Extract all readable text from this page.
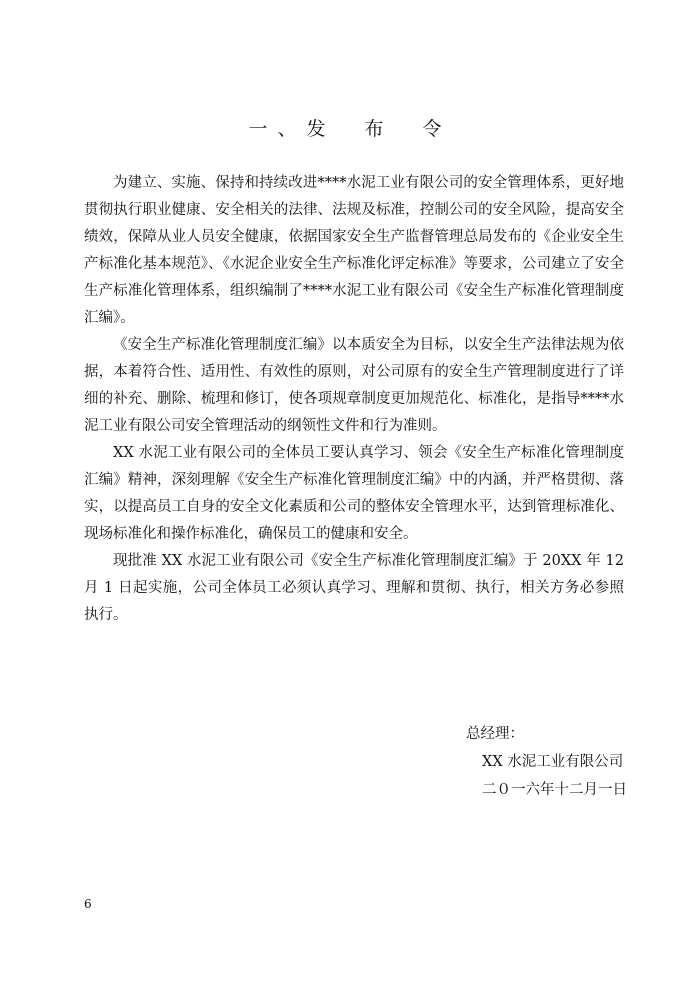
一、发　布　令

为建立、实施、保持和持续改进****水泥工业有限公司的安全管理体系，更好地贯彻执行职业健康、安全相关的法律、法规及标准，控制公司的安全风险，提高安全绩效，保障从业人员安全健康，依据国家安全生产监督管理总局发布的《企业安全生产标准化基本规范》、《水泥企业安全生产标准化评定标准》等要求，公司建立了安全生产标准化管理体系，组织编制了****水泥工业有限公司《安全生产标准化管理制度汇编》。

《安全生产标准化管理制度汇编》以本质安全为目标，以安全生产法律法规为依据，本着符合性、适用性、有效性的原则，对公司原有的安全生产管理制度进行了详细的补充、删除、梳理和修订，使各项规章制度更加规范化、标准化，是指导****水泥工业有限公司安全管理活动的纲领性文件和行为准则。

XX 水泥工业有限公司的全体员工要认真学习、领会《安全生产标准化管理制度汇编》精神，深刻理解《安全生产标准化管理制度汇编》中的内涵，并严格贯彻、落实，以提高员工自身的安全文化素质和公司的整体安全管理水平，达到管理标准化、现场标准化和操作标准化，确保员工的健康和安全。

现批准 XX 水泥工业有限公司《安全生产标准化管理制度汇编》于 20XX 年 12 月 1 日起实施，公司全体员工必须认真学习、理解和贯彻、执行，相关方务必参照执行。

总经理：
XX 水泥工业有限公司
二０一六年十二月一日
6
